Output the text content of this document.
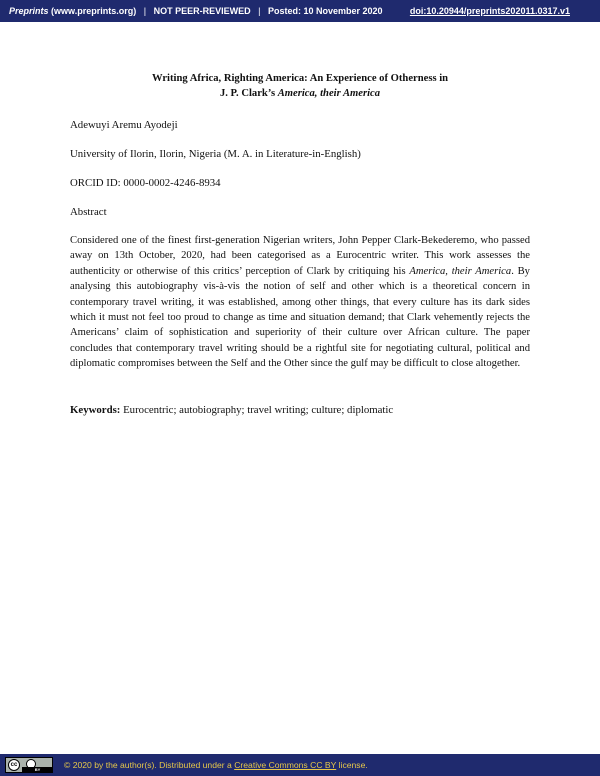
Preprints (www.preprints.org) | NOT PEER-REVIEWED | Posted: 10 November 2020	doi:10.20944/preprints202011.0317.v1
Writing Africa, Righting America: An Experience of Otherness in
J. P. Clark’s America, their America
Adewuyi Aremu Ayodeji
University of Ilorin, Ilorin, Nigeria (M. A. in Literature-in-English)
ORCID ID: 0000-0002-4246-8934
Abstract
Considered one of the finest first-generation Nigerian writers, John Pepper Clark-Bekederemo, who passed away on 13th October, 2020, had been categorised as a Eurocentric writer. This work assesses the authenticity or otherwise of this critics’ perception of Clark by critiquing his America, their America. By analysing this autobiography vis-à-vis the notion of self and other which is a theoretical concern in contemporary travel writing, it was established, among other things, that every culture has its dark sides which it must not feel too proud to change as time and situation demand; that Clark vehemently rejects the Americans’ claim of sophistication and superiority of their culture over African culture. The paper concludes that contemporary travel writing should be a rightful site for negotiating cultural, political and diplomatic compromises between the Self and the Other since the gulf may be difficult to close altogether.
Keywords: Eurocentric; autobiography; travel writing; culture; diplomatic
cc
BY	© 2020 by the author(s). Distributed under a Creative Commons CC BY license.
